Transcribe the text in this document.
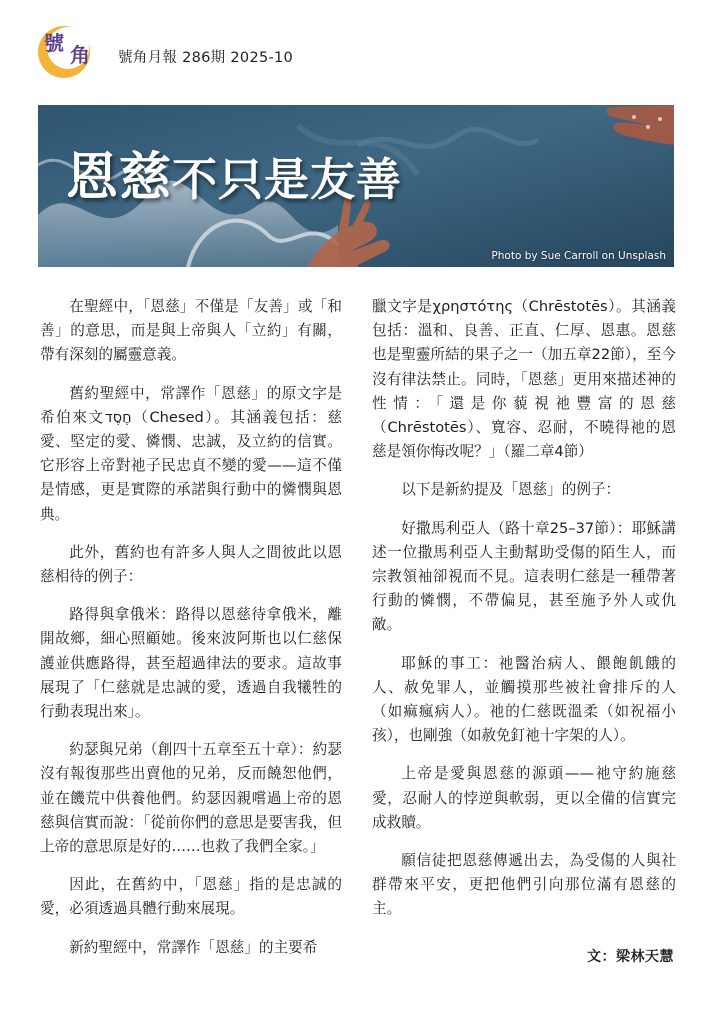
號 角 號角月報 286期 2025-10
恩慈不只是友善
Photo by Sue Carroll on Unsplash

在聖經中，「恩慈」不僅是「友善」或「和善」的意思，而是與上帝與人「立約」有關，帶有深刻的屬靈意義。

舊約聖經中，常譯作「恩慈」的原文字是希伯來文חֶסֶד（Chesed）。其涵義包括：慈愛、堅定的愛、憐憫、忠誠，及立約的信實。它形容上帝對祂子民忠貞不變的愛——這不僅是情感，更是實際的承諾與行動中的憐憫與恩典。

此外，舊約也有許多人與人之間彼此以恩慈相待的例子：

路得與拿俄米：路得以恩慈待拿俄米，離開故鄉，細心照顧她。後來波阿斯也以仁慈保護並供應路得，甚至超過律法的要求。這故事展現了「仁慈就是忠誠的愛，透過自我犧牲的行動表現出來」。

約瑟與兄弟（創四十五章至五十章）：約瑟沒有報復那些出賣他的兄弟，反而饒恕他們，並在饑荒中供養他們。約瑟因親嚐過上帝的恩慈與信實而說：「從前你們的意思是要害我，但上帝的意思原是好的……也救了我們全家。」

因此，在舊約中，「恩慈」指的是忠誠的愛，必須透過具體行動來展現。

新約聖經中，常譯作「恩慈」的主要希

臘文字是χρηστότης（Chrēstotēs）。其涵義包括：溫和、良善、正直、仁厚、恩惠。恩慈也是聖靈所結的果子之一（加五章22節），至今沒有律法禁止。同時，「恩慈」更用來描述神的性情：「還是你藐視祂豐富的恩慈（Chrēstotēs）、寬容、忍耐，不曉得祂的恩慈是領你悔改呢？」（羅二章4節）

以下是新約提及「恩慈」的例子：

好撒馬利亞人（路十章25–37節）：耶穌講述一位撒馬利亞人主動幫助受傷的陌生人，而宗教領袖卻視而不見。這表明仁慈是一種帶著行動的憐憫，不帶偏見，甚至施予外人或仇敵。

耶穌的事工：祂醫治病人、餵飽飢餓的人、赦免罪人，並觸摸那些被社會排斥的人（如痲瘋病人）。祂的仁慈既溫柔（如祝福小孩），也剛強（如赦免釘祂十字架的人）。

上帝是愛與恩慈的源頭——祂守約施慈愛，忍耐人的悖逆與軟弱，更以全備的信實完成救贖。

願信徒把恩慈傳遞出去，為受傷的人與社群帶來平安，更把他們引向那位滿有恩慈的主。

文：梁林天慧
